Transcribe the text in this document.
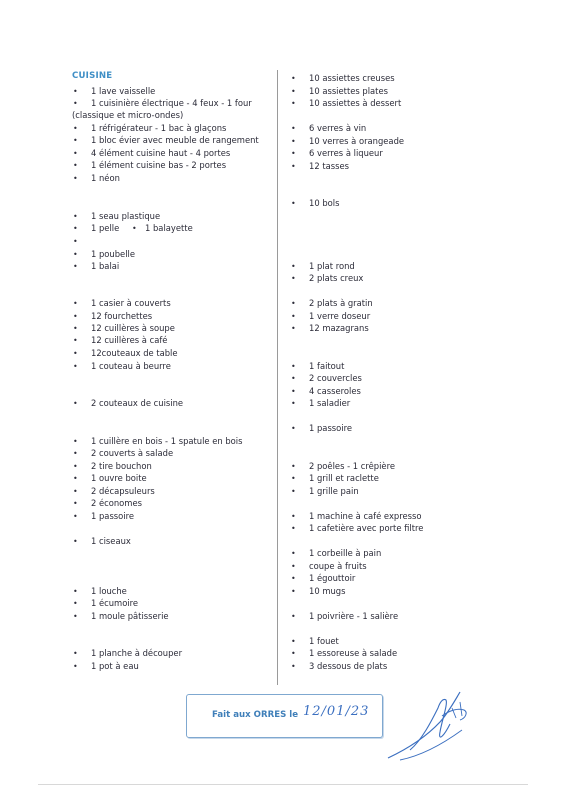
CUISINE
• 1 lave vaisselle
• 1 cuisinière électrique - 4 feux - 1 four
(classique et micro-ondes)
• 1 réfrigérateur - 1 bac à glaçons
• 1 bloc évier avec meuble de rangement
• 4 élément cuisine haut - 4 portes
• 1 élément cuisine bas - 2 portes
• 1 néon
• 1 seau plastique
• 1 pelle • 1 balayette
•
• 1 poubelle
• 1 balai
• 1 casier à couverts
• 12 fourchettes
• 12 cuillères à soupe
• 12 cuillères à café
• 12couteaux de table
• 1 couteau à beurre
• 2 couteaux de cuisine
• 1 cuillère en bois - 1 spatule en bois
• 2 couverts à salade
• 2 tire bouchon
• 1 ouvre boite
• 2 décapsuleurs
• 2 économes
• 1 passoire
• 1 ciseaux
• 1 louche
• 1 écumoire
• 1 moule pâtisserie
• 1 planche à découper
• 1 pot à eau
• 10 assiettes creuses
• 10 assiettes plates
• 10 assiettes à dessert
• 6 verres à vin
• 10 verres à orangeade
• 6 verres à liqueur
• 12 tasses
• 10 bols
• 1 plat rond
• 2 plats creux
• 2 plats à gratin
• 1 verre doseur
• 12 mazagrans
• 1 faitout
• 2 couvercles
• 4 casseroles
• 1 saladier
• 1 passoire
• 2 poêles - 1 crêpière
• 1 grill et raclette
• 1 grille pain
• 1 machine à café expresso
• 1 cafetière avec porte filtre
• 1 corbeille à pain
• coupe à fruits
• 1 égouttoir
• 10 mugs
• 1 poivrière - 1 salière
• 1 fouet
• 1 essoreuse à salade
• 3 dessous de plats
Fait aux ORRES le 12/01/23
